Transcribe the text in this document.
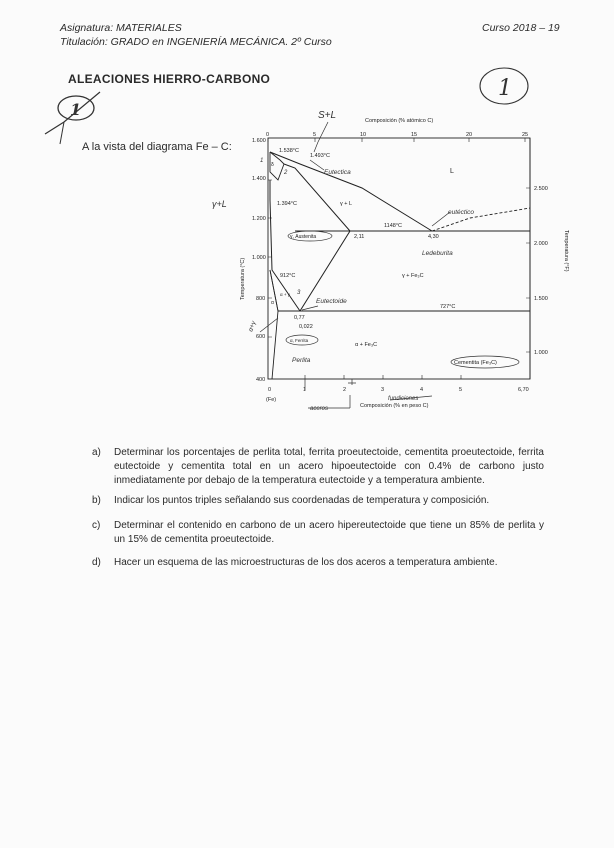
Asignatura: MATERIALES
Titulación: GRADO en INGENIERÍA MECÁNICA. 2º Curso
Curso 2018 – 19
ALEACIONES HIERRO-CARBONO	1
1
A la vista del diagrama Fe – C:
Composición (% atómico C)
0	5	10	15	20	25
1.600
1.400
1.200
1.000
800
600
400
Temperatura (°C)
2.500
2.000
1.500
1.000
Temperatura (°F)
0	1	2	3	4	5	6,70
(Fe)
Composición (% en peso C)
1.538°C
1.493°C
1.394°C
1148°C
912°C
727°C
2,11	4,30
0,77
0,022
L
γ + L
γ, Austenita
γ + Fe₃C
α + Fe₃C
Cementita (Fe₃C)
α, Ferrita
δ
α
α + γ
S+L
Eutectica
eutéctico
Ledeburita
Eutectoide
Perlita
γ+L
aceros
fundiciones
α+γ
1
2
3
a)	Determinar los porcentajes de perlita total, ferrita proeutectoide, cementita proeutectoide, ferrita eutectoide y cementita total en un acero hipoeutectoide con 0.4% de carbono justo inmediatamente por debajo de la temperatura eutectoide y a temperatura ambiente.
b)	Indicar los puntos triples señalando sus coordenadas de temperatura y composición.
c)	Determinar el contenido en carbono de un acero hipereutectoide que tiene un 85% de perlita y un 15% de cementita proeutectoide.
d)	Hacer un esquema de las microestructuras de los dos aceros a temperatura ambiente.
